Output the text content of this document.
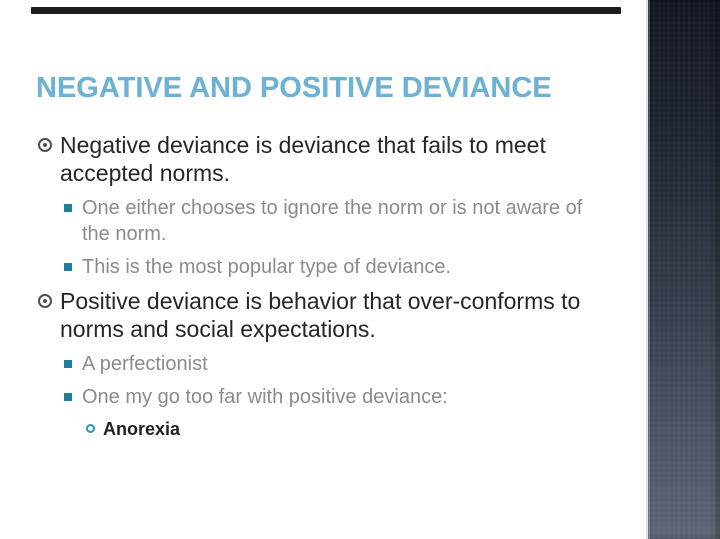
NEGATIVE AND POSITIVE DEVIANCE
Negative deviance is deviance that fails to meet accepted norms.
One either chooses to ignore the norm or is not aware of the norm.
This is the most popular type of deviance.
Positive deviance is behavior that over-conforms to norms and social expectations.
A perfectionist
One my go too far with positive deviance:
Anorexia
